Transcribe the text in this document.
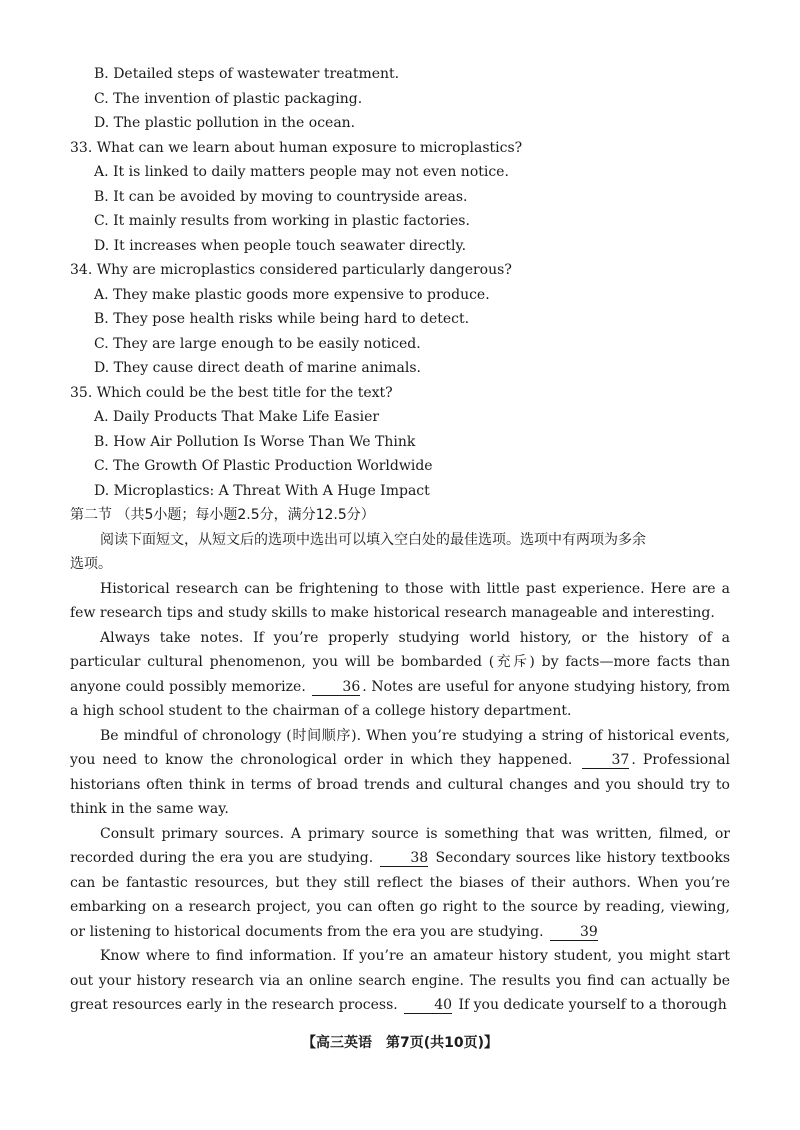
B. Detailed steps of wastewater treatment.
C. The invention of plastic packaging.
D. The plastic pollution in the ocean.
33. What can we learn about human exposure to microplastics?
A. It is linked to daily matters people may not even notice.
B. It can be avoided by moving to countryside areas.
C. It mainly results from working in plastic factories.
D. It increases when people touch seawater directly.
34. Why are microplastics considered particularly dangerous?
A. They make plastic goods more expensive to produce.
B. They pose health risks while being hard to detect.
C. They are large enough to be easily noticed.
D. They cause direct death of marine animals.
35. Which could be the best title for the text?
A. Daily Products That Make Life Easier
B. How Air Pollution Is Worse Than We Think
C. The Growth Of Plastic Production Worldwide
D. Microplastics: A Threat With A Huge Impact
第二节 （共5小题；每小题2.5分，满分12.5分）
阅读下面短文，从短文后的选项中选出可以填入空白处的最佳选项。选项中有两项为多余
选项。
Historical research can be frightening to those with little past experience. Here are a few research tips and study skills to make historical research manageable and interesting.
Always take notes. If you’re properly studying world history, or the history of a particular cultural phenomenon, you will be bombarded (充斥) by facts—more facts than anyone could possibly memorize.	36 . Notes are useful for anyone studying history, from a high school student to the chairman of a college history department.
Be mindful of chronology (时间顺序). When you’re studying a string of historical events, you need to know the chronological order in which they happened.	37 . Professional historians often think in terms of broad trends and cultural changes and you should try to think in the same way.
Consult primary sources. A primary source is something that was written, filmed, or recorded during the era you are studying.	38 Secondary sources like history textbooks can be fantastic resources, but they still reflect the biases of their authors. When you’re embarking on a research project, you can often go right to the source by reading, viewing, or listening to historical documents from the era you are studying.	39
Know where to find information. If you’re an amateur history student, you might start out your history research via an online search engine. The results you find can actually be great resources early in the research process.	40 If you dedicate yourself to a thorough
【高三英语　第7页(共10页)】
